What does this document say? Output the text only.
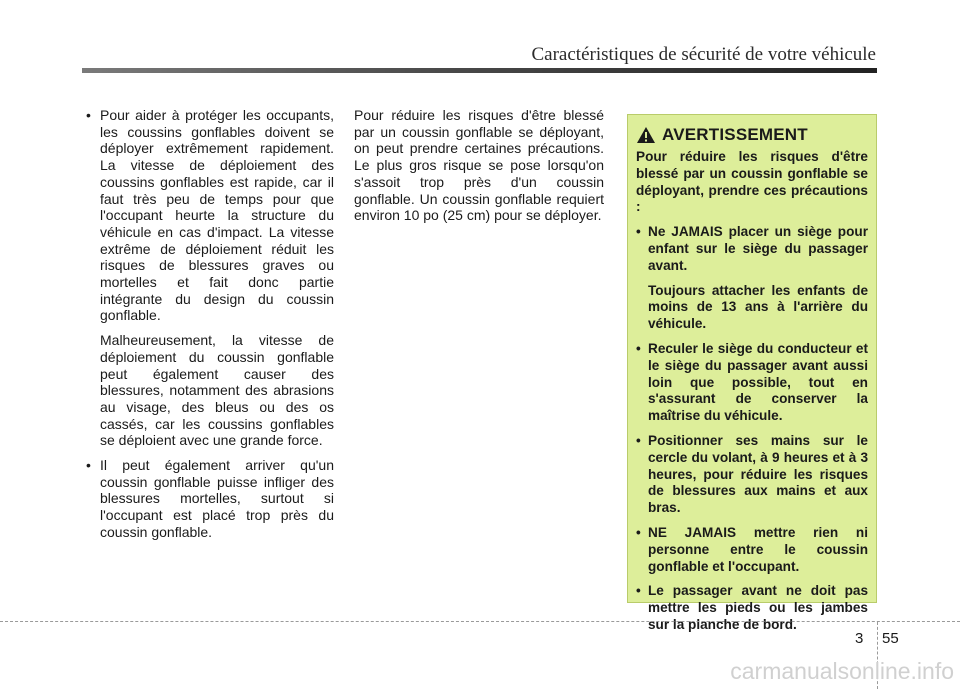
Caractéristiques de sécurité de votre véhicule
• Pour aider à protéger les occupants, les coussins gonflables doivent se déployer extrêmement rapidement. La vitesse de déploiement des coussins gonflables est rapide, car il faut très peu de temps pour que l'occupant heurte la structure du véhicule en cas d'impact. La vitesse extrême de déploiement réduit les risques de blessures graves ou mortelles et fait donc partie intégrante du design du coussin gonflable.

Malheureusement, la vitesse de déploiement du coussin gonflable peut également causer des blessures, notamment des abrasions au visage, des bleus ou des os cassés, car les coussins gonflables se déploient avec une grande force.

• Il peut également arriver qu'un coussin gonflable puisse infliger des blessures mortelles, surtout si l'occupant est placé trop près du coussin gonflable.

Pour réduire les risques d'être blessé par un coussin gonflable se déployant, on peut prendre certaines précautions. Le plus gros risque se pose lorsqu'on s'assoit trop près d'un coussin gonflable. Un coussin gonflable requiert environ 10 po (25 cm) pour se déployer.

AVERTISSEMENT

Pour réduire les risques d'être blessé par un coussin gonflable se déployant, prendre ces précautions :

• Ne JAMAIS placer un siège pour enfant sur le siège du passager avant.
Toujours attacher les enfants de moins de 13 ans à l'arrière du véhicule.
• Reculer le siège du conducteur et le siège du passager avant aussi loin que possible, tout en s'assurant de conserver la maîtrise du véhicule.
• Positionner ses mains sur le cercle du volant, à 9 heures et à 3 heures, pour réduire les risques de blessures aux mains et aux bras.
• NE JAMAIS mettre rien ni personne entre le coussin gonflable et l'occupant.
• Le passager avant ne doit pas mettre les pieds ou les jambes sur la planche de bord.
3 55
carmanualsonline.info
